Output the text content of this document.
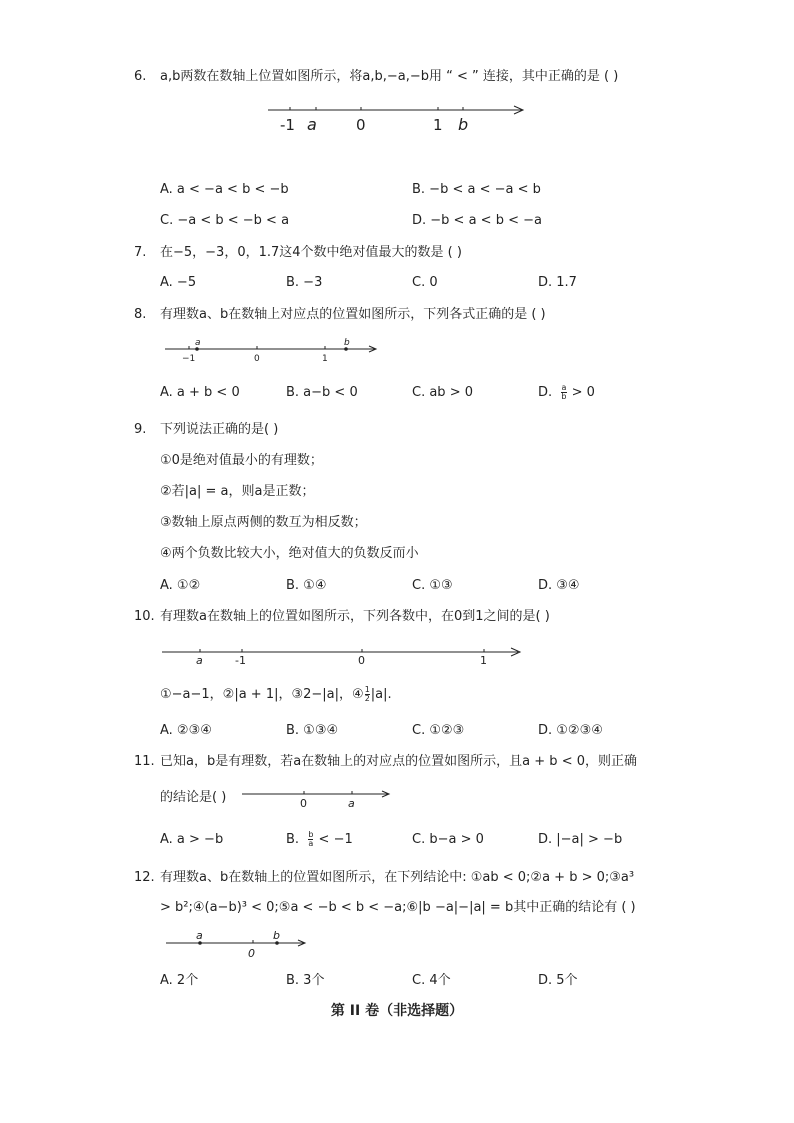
6. a,b两数在数轴上位置如图所示，将a,b,−a,−b用 “ < ” 连接，其中正确的是 ( )
-1 a	0	1 b
A. a < −a < b < −b	B. −b < a < −a < b
C. −a < b < −b < a	D. −b < a < b < −a
7. 在−5，−3，0，1.7这4个数中绝对值最大的数是 ( )
A. −5	B. −3	C. 0	D. 1.7
8. 有理数a、b在数轴上对应点的位置如图所示，下列各式正确的是 ( )
a	b
−1	0	1
A. a + b < 0	B. a−b < 0	C. ab > 0	D. $\frac{a}{b} > 0$
9. 下列说法正确的是( )
①0是绝对值最小的有理数；
②若|a| = a，则a是正数；
③数轴上原点两侧的数互为相反数；
④两个负数比较大小，绝对值大的负数反而小
A. ①②	B. ①④	C. ①③	D. ③④
10. 有理数a在数轴上的位置如图所示，下列各数中，在0到1之间的是( )
a	-1	0	1
①−a−1，②|a + 1|，③2−|a|，④ $\frac{1}{2} |a|$.
A. ②③④	B. ①③④	C. ①②③	D. ①②③④
11. 已知a，b是有理数，若a在数轴上的对应点的位置如图所示，且a + b < 0，则正确
的结论是( )	0	a
A. a > −b	B. $\frac{b}{a} < -1$	C. b−a > 0	D. |−a| > −b
12. 有理数a、b在数轴上的位置如图所示，在下列结论中: ①ab < 0;②a + b > 0;③a³
> b²;④(a−b)³ < 0;⑤a < −b < b < −a;⑥|b −a|−|a| = b其中正确的结论有 ( )
a	b
0
A. 2个	B. 3个	C. 4个	D. 5个
第 II 卷（非选择题）
